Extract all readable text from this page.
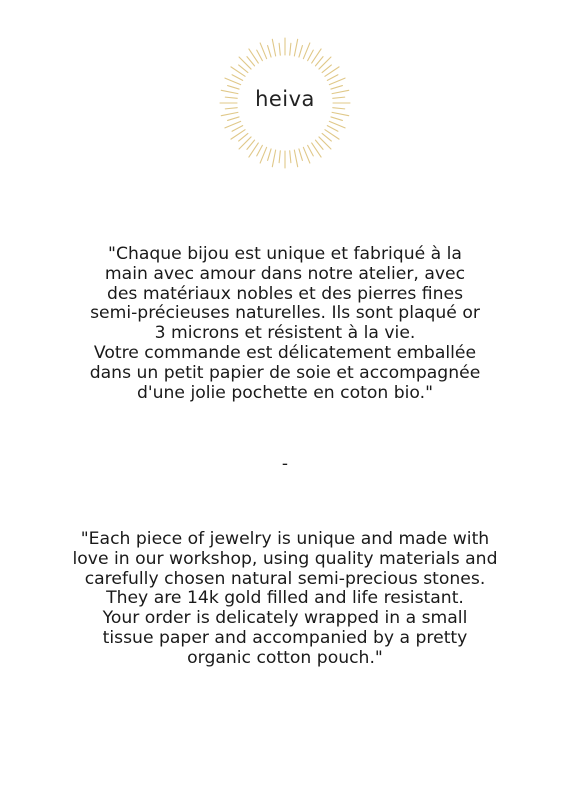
heiva
"Chaque bijou est unique et fabriqué à la
main avec amour dans notre atelier, avec
des matériaux nobles et des pierres fines
semi-précieuses naturelles. Ils sont plaqué or
3 microns et résistent à la vie.
Votre commande est délicatement emballée
dans un petit papier de soie et accompagnée
d'une jolie pochette en coton bio."
-
"Each piece of jewelry is unique and made with
love in our workshop, using quality materials and
carefully chosen natural semi-precious stones.
They are 14k gold filled and life resistant.
Your order is delicately wrapped in a small
tissue paper and accompanied by a pretty
organic cotton pouch."
